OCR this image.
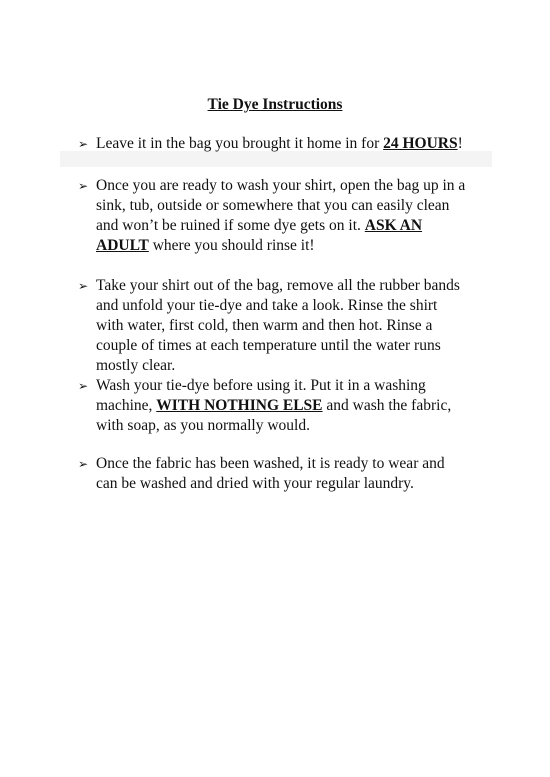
Tie Dye Instructions
➢ Leave it in the bag you brought it home in for 24 HOURS!
➢ Once you are ready to wash your shirt, open the bag up in a
sink, tub, outside or somewhere that you can easily clean
and won’t be ruined if some dye gets on it. ASK AN
ADULT where you should rinse it!
➢ Take your shirt out of the bag, remove all the rubber bands
and unfold your tie-dye and take a look. Rinse the shirt
with water, first cold, then warm and then hot. Rinse a
couple of times at each temperature until the water runs
mostly clear.
➢ Wash your tie-dye before using it. Put it in a washing
machine, WITH NOTHING ELSE and wash the fabric,
with soap, as you normally would.
➢ Once the fabric has been washed, it is ready to wear and
can be washed and dried with your regular laundry.
